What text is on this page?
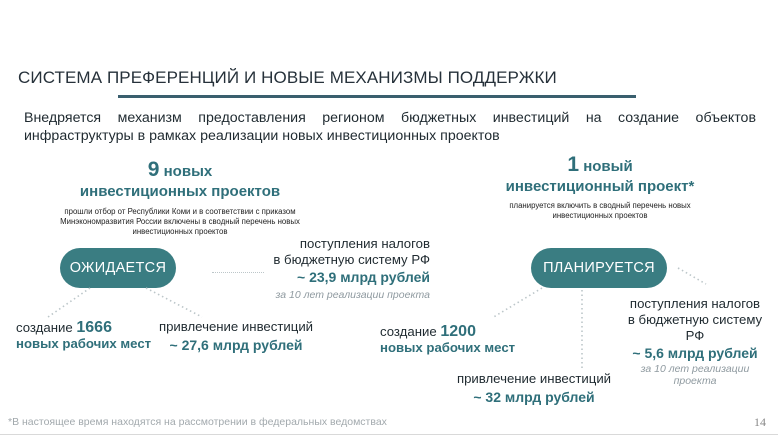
СИСТЕМА ПРЕФЕРЕНЦИЙ И НОВЫЕ МЕХАНИЗМЫ ПОДДЕРЖКИ
Внедряется механизм предоставления регионом бюджетных инвестиций на создание объектов инфраструктуры в рамках реализации новых инвестиционных проектов
9 новых
инвестиционных проектов
прошли отбор от Республики Коми и в соответствии с приказом Минэкономразвития России включены в сводный перечень новых инвестиционных проектов
ОЖИДАЕТСЯ
поступления налогов
в бюджетную систему РФ
~ 23,9 млрд рублей
за 10 лет реализации проекта
создание 1666
новых рабочих мест
привлечение инвестиций
~ 27,6 млрд рублей
1 новый
инвестиционный проект*
планируется включить в сводный перечень новых инвестиционных проектов
ПЛАНИРУЕТСЯ
поступления налогов
в бюджетную систему
РФ
~ 5,6 млрд рублей
за 10 лет реализации
проекта
создание 1200
новых рабочих мест
привлечение инвестиций
~ 32 млрд рублей
*В настоящее время находятся на рассмотрении в федеральных ведомствах	14
